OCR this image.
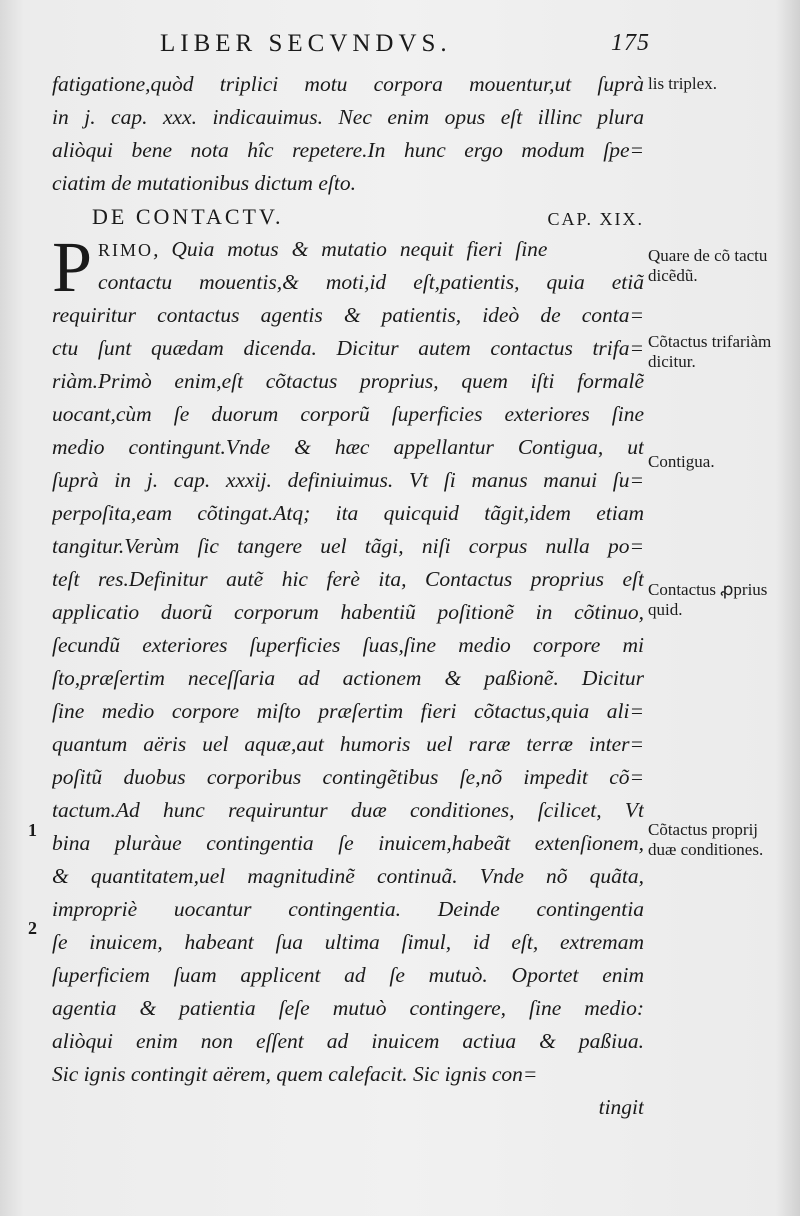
LIBER SECVNDVS.	175
fatigatione,quòd triplici motu corpora mouentur,ut ſuprà
in j. cap. xxx. indicauimus. Nec enim opus eſt illinc plura
aliòqui bene nota hîc repetere.In hunc ergo modum ſpe=
ciatim de mutationibus dictum eſto.
DE CONTACTV.	CAP. XIX.
P RIMO, Quia motus & mutatio nequit fieri ſine
contactu mouentis,& moti,id eſt,patientis, quia etiã
requiritur contactus agentis & patientis, ideò de conta=
ctu ſunt quædam dicenda. Dicitur autem contactus trifa=
riàm.Primò enim,eſt cõtactus proprius, quem iſti formalẽ
uocant,cùm ſe duorum corporũ ſuperficies exteriores ſine
medio contingunt.Vnde & hæc appellantur Contigua, ut
ſuprà in j. cap. xxxij. definiuimus. Vt ſi manus manui ſu=
perpoſita,eam cõtingat.Atq; ita quicquid tãgit,idem etiam
tangitur.Verùm ſic tangere uel tãgi, niſi corpus nulla po=
teſt res.Definitur autẽ hic ferè ita, Contactus proprius eſt
applicatio duorũ corporum habentiũ poſitionẽ in cõtinuo,
ſecundũ exteriores ſuperficies ſuas,ſine medio corpore mi
ſto,præſertim neceſſaria ad actionem & paßionẽ. Dicitur
ſine medio corpore miſto præſertim fieri cõtactus,quia ali=
quantum aëris uel aquæ,aut humoris uel raræ terræ inter=
poſitũ duobus corporibus contingẽtibus ſe,nõ impedit cõ=
tactum.Ad hunc requiruntur duæ conditiones, ſcilicet, Vt
bina pluràue contingentia ſe inuicem,habeãt extenſionem,
& quantitatem,uel magnitudinẽ continuã. Vnde nõ quãta,
impropriè uocantur contingentia. Deinde contingentia
ſe inuicem, habeant ſua ultima ſimul, id eſt, extremam
ſuperficiem ſuam applicent ad ſe mutuò. Oportet enim
agentia & patientia ſeſe mutuò contingere, ſine medio:
aliòqui enim non eſſent ad inuicem actiua & paßiua.
Sic ignis contingit aërem, quem calefacit. Sic ignis con=
tingit
1
2
lis triplex.
Quare de cõ tactu dicẽdũ.
Cõtactus trifariàm dicitur.
Contigua.
Contactus ꝓprius quid.
Cõtactus proprij duæ conditiones.
